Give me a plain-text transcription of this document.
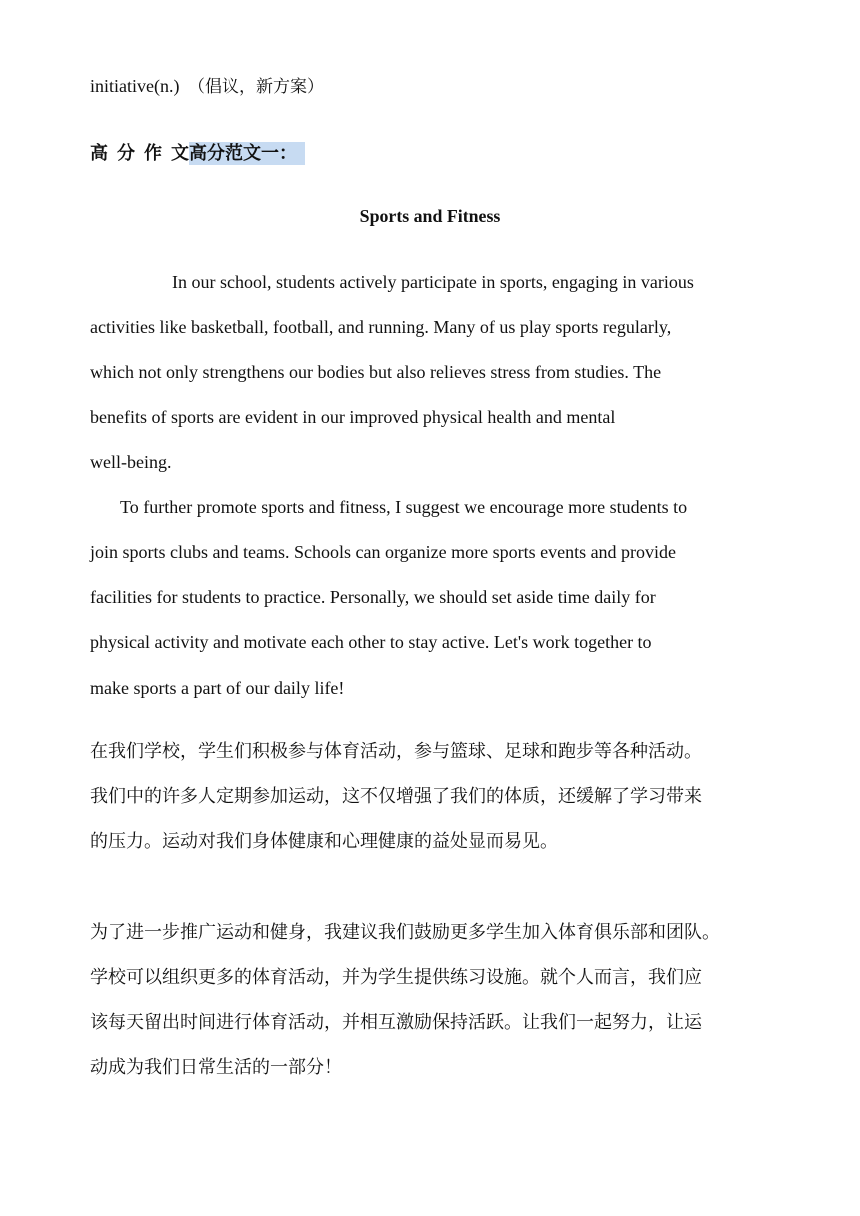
initiative(n.) （倡议，新方案）
高分作文高分范文一：
Sports and Fitness
In our school, students actively participate in sports, engaging in various
activities like basketball, football, and running. Many of us play sports regularly,
which not only strengthens our bodies but also relieves stress from studies. The
benefits of sports are evident in our improved physical health and mental
well-being.
To further promote sports and fitness, I suggest we encourage more students to
join sports clubs and teams. Schools can organize more sports events and provide
facilities for students to practice. Personally, we should set aside time daily for
physical activity and motivate each other to stay active. Let's work together to
make sports a part of our daily life!
在我们学校，学生们积极参与体育活动，参与篮球、足球和跑步等各种活动。
我们中的许多人定期参加运动，这不仅增强了我们的体质，还缓解了学习带来
的压力。运动对我们身体健康和心理健康的益处显而易见。
为了进一步推广运动和健身，我建议我们鼓励更多学生加入体育俱乐部和团队。
学校可以组织更多的体育活动，并为学生提供练习设施。就个人而言，我们应
该每天留出时间进行体育活动，并相互激励保持活跃。让我们一起努力，让运
动成为我们日常生活的一部分！
